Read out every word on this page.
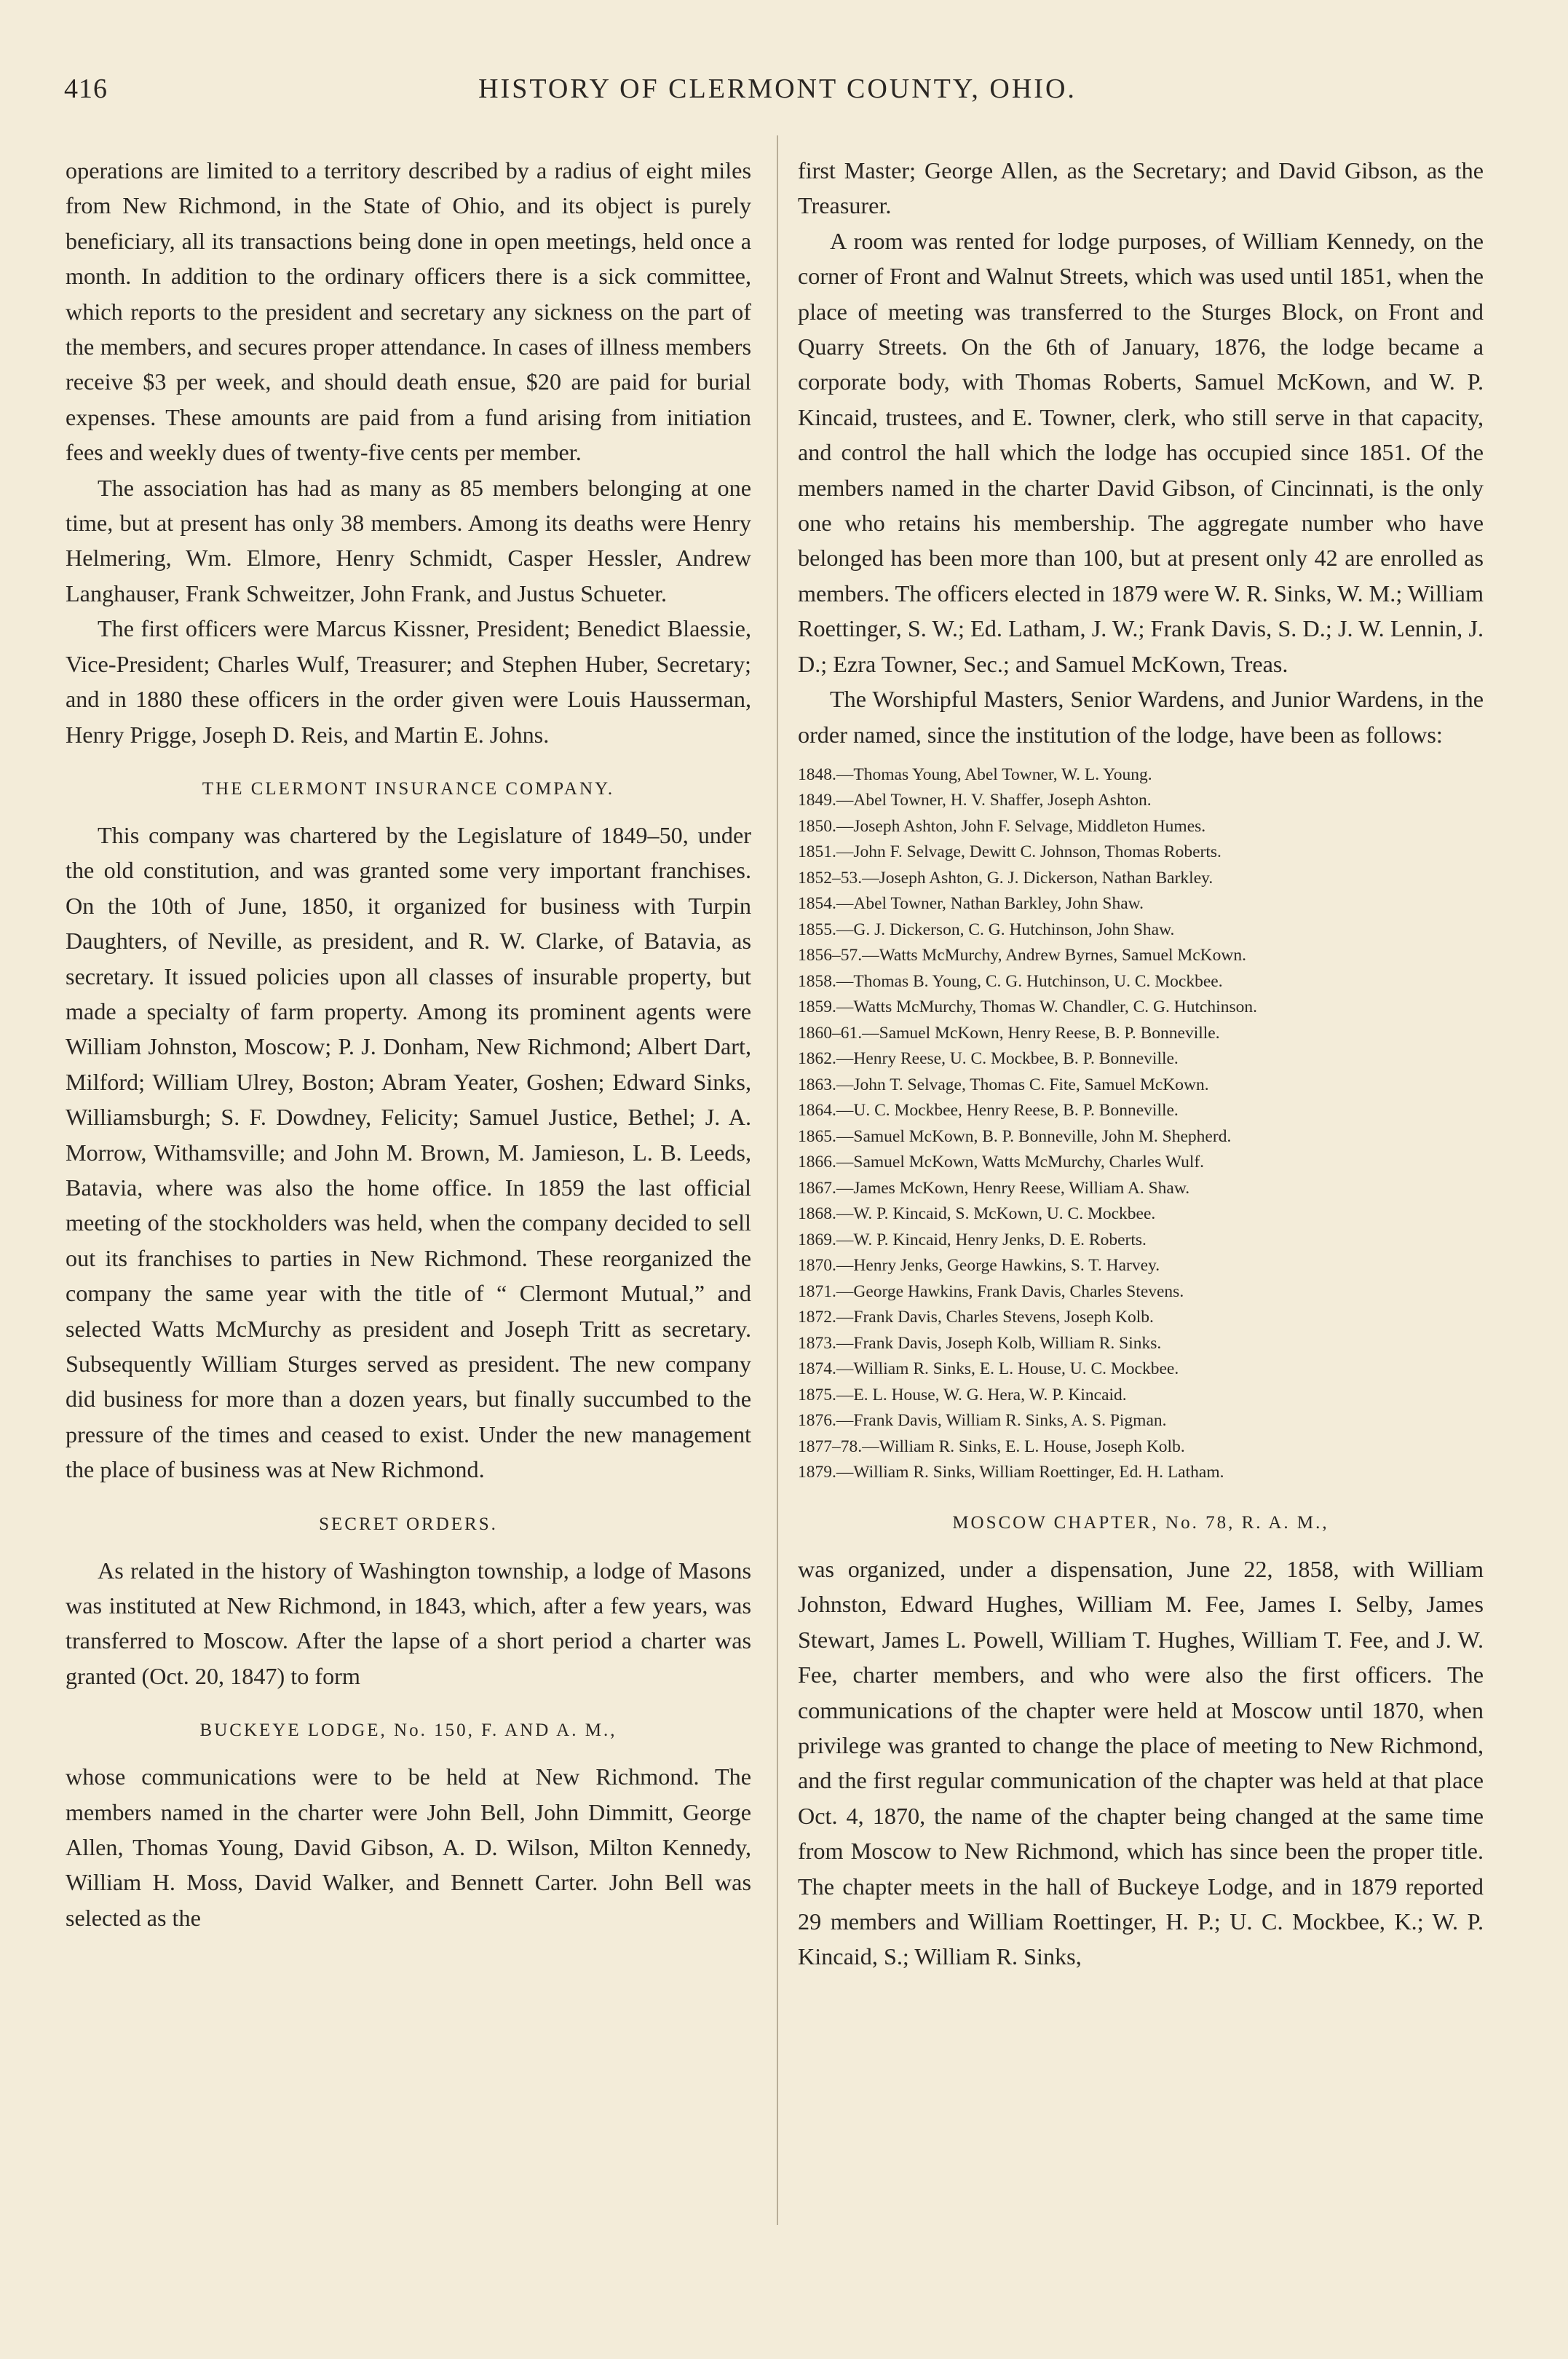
416	HISTORY OF CLERMONT COUNTY, OHIO.

operations are limited to a territory described by a radius of eight miles from New Richmond, in the State of Ohio, and its object is purely beneficiary, all its transactions being done in open meetings, held once a month. In addition to the ordinary officers there is a sick committee, which reports to the president and secretary any sickness on the part of the members, and secures proper attendance. In cases of illness members receive $3 per week, and should death ensue, $20 are paid for burial expenses. These amounts are paid from a fund arising from initiation fees and weekly dues of twenty-five cents per member.

The association has had as many as 85 members belonging at one time, but at present has only 38 members. Among its deaths were Henry Helmering, Wm. Elmore, Henry Schmidt, Casper Hessler, Andrew Langhauser, Frank Schweitzer, John Frank, and Justus Schueter.

The first officers were Marcus Kissner, President; Benedict Blaessie, Vice-President; Charles Wulf, Treasurer; and Stephen Huber, Secretary; and in 1880 these officers in the order given were Louis Hausserman, Henry Prigge, Joseph D. Reis, and Martin E. Johns.

THE CLERMONT INSURANCE COMPANY.

This company was chartered by the Legislature of 1849–50, under the old constitution, and was granted some very important franchises. On the 10th of June, 1850, it organized for business with Turpin Daughters, of Neville, as president, and R. W. Clarke, of Batavia, as secretary. It issued policies upon all classes of insurable property, but made a specialty of farm property. Among its prominent agents were William Johnston, Moscow; P. J. Donham, New Richmond; Albert Dart, Milford; William Ulrey, Boston; Abram Yeater, Goshen; Edward Sinks, Williamsburgh; S. F. Dowdney, Felicity; Samuel Justice, Bethel; J. A. Morrow, Withamsville; and John M. Brown, M. Jamieson, L. B. Leeds, Batavia, where was also the home office. In 1859 the last official meeting of the stockholders was held, when the company decided to sell out its franchises to parties in New Richmond. These reorganized the company the same year with the title of “ Clermont Mutual,” and selected Watts McMurchy as president and Joseph Tritt as secretary. Subsequently William Sturges served as president. The new company did business for more than a dozen years, but finally succumbed to the pressure of the times and ceased to exist. Under the new management the place of business was at New Richmond.

SECRET ORDERS.

As related in the history of Washington township, a lodge of Masons was instituted at New Richmond, in 1843, which, after a few years, was transferred to Moscow. After the lapse of a short period a charter was granted (Oct. 20, 1847) to form

BUCKEYE LODGE, No. 150, F. AND A. M.,

whose communications were to be held at New Richmond. The members named in the charter were John Bell, John Dimmitt, George Allen, Thomas Young, David Gibson, A. D. Wilson, Milton Kennedy, William H. Moss, David Walker, and Bennett Carter. John Bell was selected as the

first Master; George Allen, as the Secretary; and David Gibson, as the Treasurer.

A room was rented for lodge purposes, of William Kennedy, on the corner of Front and Walnut Streets, which was used until 1851, when the place of meeting was transferred to the Sturges Block, on Front and Quarry Streets. On the 6th of January, 1876, the lodge became a corporate body, with Thomas Roberts, Samuel McKown, and W. P. Kincaid, trustees, and E. Towner, clerk, who still serve in that capacity, and control the hall which the lodge has occupied since 1851. Of the members named in the charter David Gibson, of Cincinnati, is the only one who retains his membership. The aggregate number who have belonged has been more than 100, but at present only 42 are enrolled as members. The officers elected in 1879 were W. R. Sinks, W. M.; William Roettinger, S. W.; Ed. Latham, J. W.; Frank Davis, S. D.; J. W. Lennin, J. D.; Ezra Towner, Sec.; and Samuel McKown, Treas.

The Worshipful Masters, Senior Wardens, and Junior Wardens, in the order named, since the institution of the lodge, have been as follows:

1848.—Thomas Young, Abel Towner, W. L. Young.
1849.—Abel Towner, H. V. Shaffer, Joseph Ashton.
1850.—Joseph Ashton, John F. Selvage, Middleton Humes.
1851.—John F. Selvage, Dewitt C. Johnson, Thomas Roberts.
1852–53.—Joseph Ashton, G. J. Dickerson, Nathan Barkley.
1854.—Abel Towner, Nathan Barkley, John Shaw.
1855.—G. J. Dickerson, C. G. Hutchinson, John Shaw.
1856–57.—Watts McMurchy, Andrew Byrnes, Samuel McKown.
1858.—Thomas B. Young, C. G. Hutchinson, U. C. Mockbee.
1859.—Watts McMurchy, Thomas W. Chandler, C. G. Hutchinson.
1860–61.—Samuel McKown, Henry Reese, B. P. Bonneville.
1862.—Henry Reese, U. C. Mockbee, B. P. Bonneville.
1863.—John T. Selvage, Thomas C. Fite, Samuel McKown.
1864.—U. C. Mockbee, Henry Reese, B. P. Bonneville.
1865.—Samuel McKown, B. P. Bonneville, John M. Shepherd.
1866.—Samuel McKown, Watts McMurchy, Charles Wulf.
1867.—James McKown, Henry Reese, William A. Shaw.
1868.—W. P. Kincaid, S. McKown, U. C. Mockbee.
1869.—W. P. Kincaid, Henry Jenks, D. E. Roberts.
1870.—Henry Jenks, George Hawkins, S. T. Harvey.
1871.—George Hawkins, Frank Davis, Charles Stevens.
1872.—Frank Davis, Charles Stevens, Joseph Kolb.
1873.—Frank Davis, Joseph Kolb, William R. Sinks.
1874.—William R. Sinks, E. L. House, U. C. Mockbee.
1875.—E. L. House, W. G. Hera, W. P. Kincaid.
1876.—Frank Davis, William R. Sinks, A. S. Pigman.
1877–78.—William R. Sinks, E. L. House, Joseph Kolb.
1879.—William R. Sinks, William Roettinger, Ed. H. Latham.
MOSCOW CHAPTER, No. 78, R. A. M.,

was organized, under a dispensation, June 22, 1858, with William Johnston, Edward Hughes, William M. Fee, James I. Selby, James Stewart, James L. Powell, William T. Hughes, William T. Fee, and J. W. Fee, charter members, and who were also the first officers. The communications of the chapter were held at Moscow until 1870, when privilege was granted to change the place of meeting to New Richmond, and the first regular communication of the chapter was held at that place Oct. 4, 1870, the name of the chapter being changed at the same time from Moscow to New Richmond, which has since been the proper title. The chapter meets in the hall of Buckeye Lodge, and in 1879 reported 29 members and William Roettinger, H. P.; U. C. Mockbee, K.; W. P. Kincaid, S.; William R. Sinks,
